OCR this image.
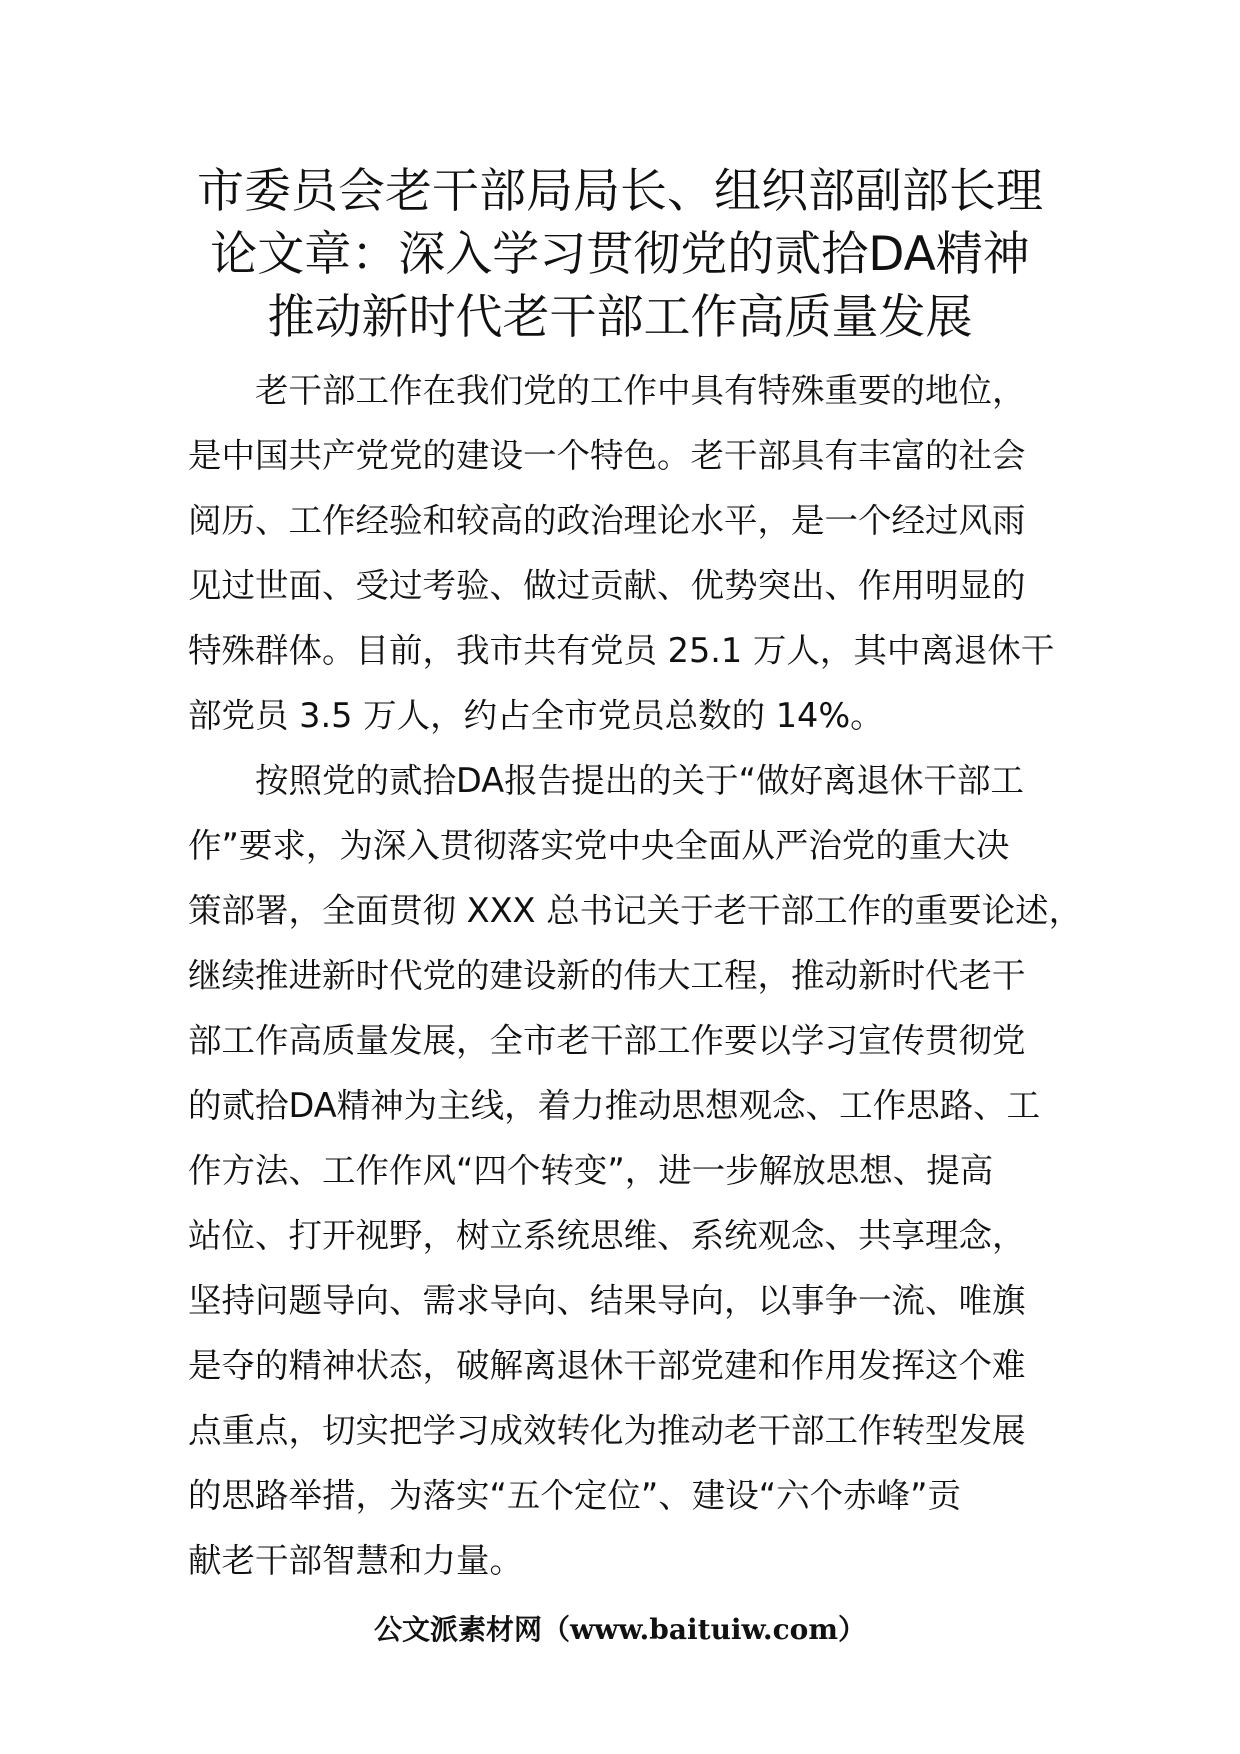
市委员会老干部局局长、组织部副部长理
论文章：深入学习贯彻党的贰拾DA精神
推动新时代老干部工作高质量发展
老干部工作在我们党的工作中具有特殊重要的地位，
是中国共产党党的建设一个特色。老干部具有丰富的社会
阅历、工作经验和较高的政治理论水平，是一个经过风雨
见过世面、受过考验、做过贡献、优势突出、作用明显的
特殊群体。目前，我市共有党员 25.1 万人，其中离退休干
部党员 3.5 万人，约占全市党员总数的 14%。
按照党的贰拾DA报告提出的关于“做好离退休干部工
作”要求，为深入贯彻落实党中央全面从严治党的重大决
策部署，全面贯彻 XXX 总书记关于老干部工作的重要论述，
继续推进新时代党的建设新的伟大工程，推动新时代老干
部工作高质量发展，全市老干部工作要以学习宣传贯彻党
的贰拾DA精神为主线，着力推动思想观念、工作思路、工
作方法、工作作风“四个转变”，进一步解放思想、提高
站位、打开视野，树立系统思维、系统观念、共享理念，
坚持问题导向、需求导向、结果导向，以事争一流、唯旗
是夺的精神状态，破解离退休干部党建和作用发挥这个难
点重点，切实把学习成效转化为推动老干部工作转型发展
的思路举措，为落实“五个定位”、建设“六个赤峰”贡
献老干部智慧和力量。
公文派素材网（www.baituiw.com）
